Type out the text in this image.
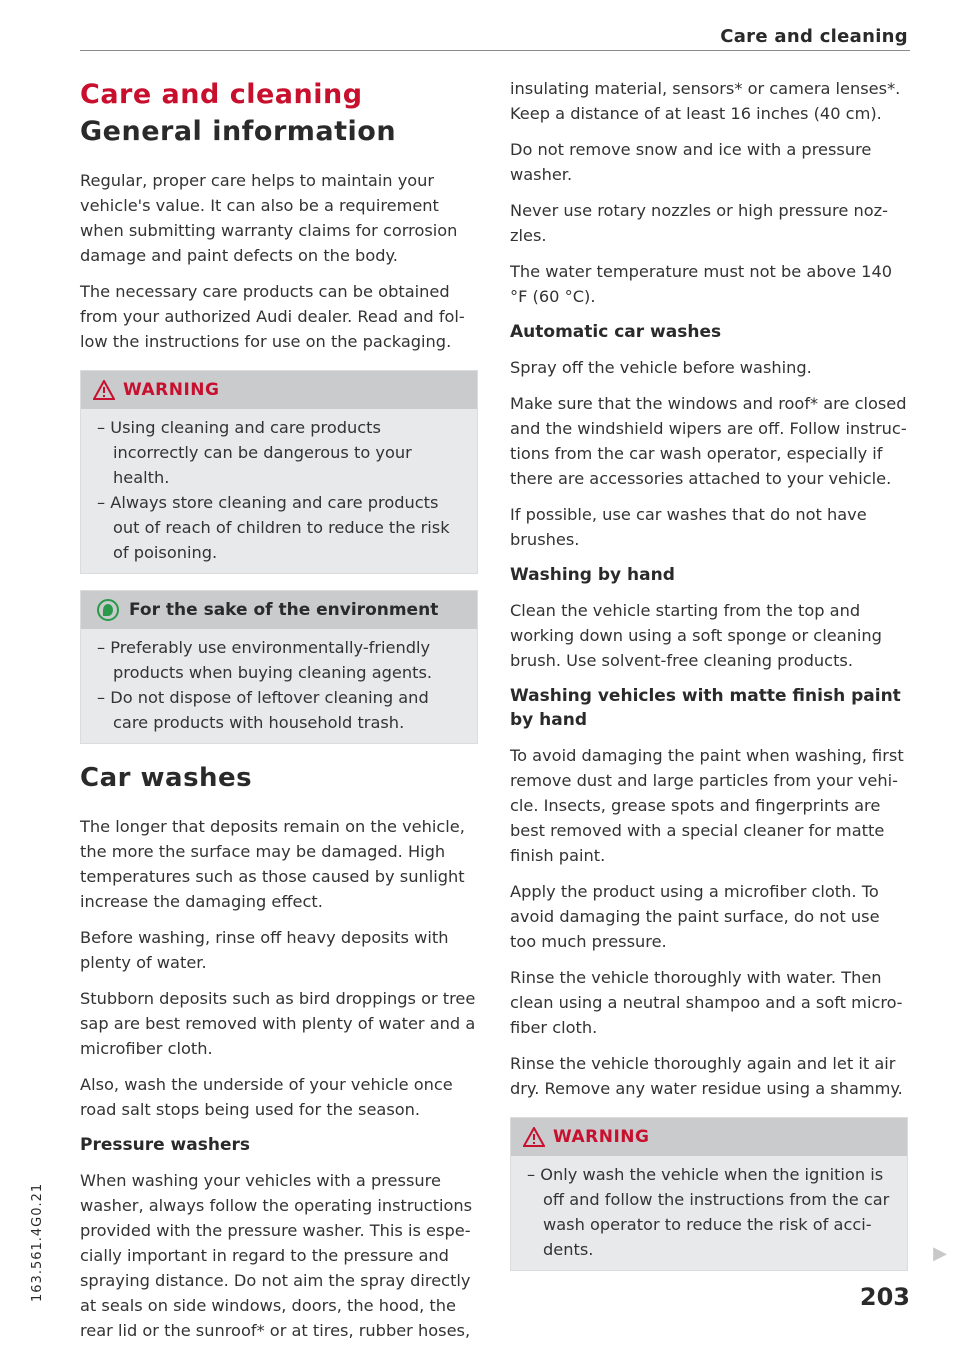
Care and cleaning
Care and cleaning
General information

Regular, proper care helps to maintain your vehicle's value. It can also be a requirement when submitting warranty claims for corrosion damage and paint defects on the body.

The necessary care products can be obtained from your authorized Audi dealer. Read and follow the instructions for use on the packaging.

WARNING
– Using cleaning and care products incorrectly can be dangerous to your health.
– Always store cleaning and care products out of reach of children to reduce the risk of poisoning.
For the sake of the environment
– Preferably use environmentally-friendly products when buying cleaning agents.
– Do not dispose of leftover cleaning and care products with household trash.
Car washes

The longer that deposits remain on the vehicle, the more the surface may be damaged. High temperatures such as those caused by sunlight increase the damaging effect.

Before washing, rinse off heavy deposits with plenty of water.

Stubborn deposits such as bird droppings or tree sap are best removed with plenty of water and a microfiber cloth.

Also, wash the underside of your vehicle once road salt stops being used for the season.

Pressure washers

When washing your vehicles with a pressure washer, always follow the operating instructions provided with the pressure washer. This is especially important in regard to the pressure and spraying distance. Do not aim the spray directly at seals on side windows, doors, the hood, the rear lid or the sunroof* or at tires, rubber hoses,

insulating material, sensors* or camera lenses*. Keep a distance of at least 16 inches (40 cm).

Do not remove snow and ice with a pressure washer.

Never use rotary nozzles or high pressure nozzles.

The water temperature must not be above 140 °F (60 °C).

Automatic car washes

Spray off the vehicle before washing.

Make sure that the windows and roof* are closed and the windshield wipers are off. Follow instructions from the car wash operator, especially if there are accessories attached to your vehicle.

If possible, use car washes that do not have brushes.

Washing by hand

Clean the vehicle starting from the top and working down using a soft sponge or cleaning brush. Use solvent-free cleaning products.

Washing vehicles with matte finish paint by hand

To avoid damaging the paint when washing, first remove dust and large particles from your vehicle. Insects, grease spots and fingerprints are best removed with a special cleaner for matte finish paint.

Apply the product using a microfiber cloth. To avoid damaging the paint surface, do not use too much pressure.

Rinse the vehicle thoroughly with water. Then clean using a neutral shampoo and a soft microfiber cloth.

Rinse the vehicle thoroughly again and let it air dry. Remove any water residue using a shammy.

WARNING
– Only wash the vehicle when the ignition is off and follow the instructions from the car wash operator to reduce the risk of accidents.	▶
163.561.4G0.21	203
